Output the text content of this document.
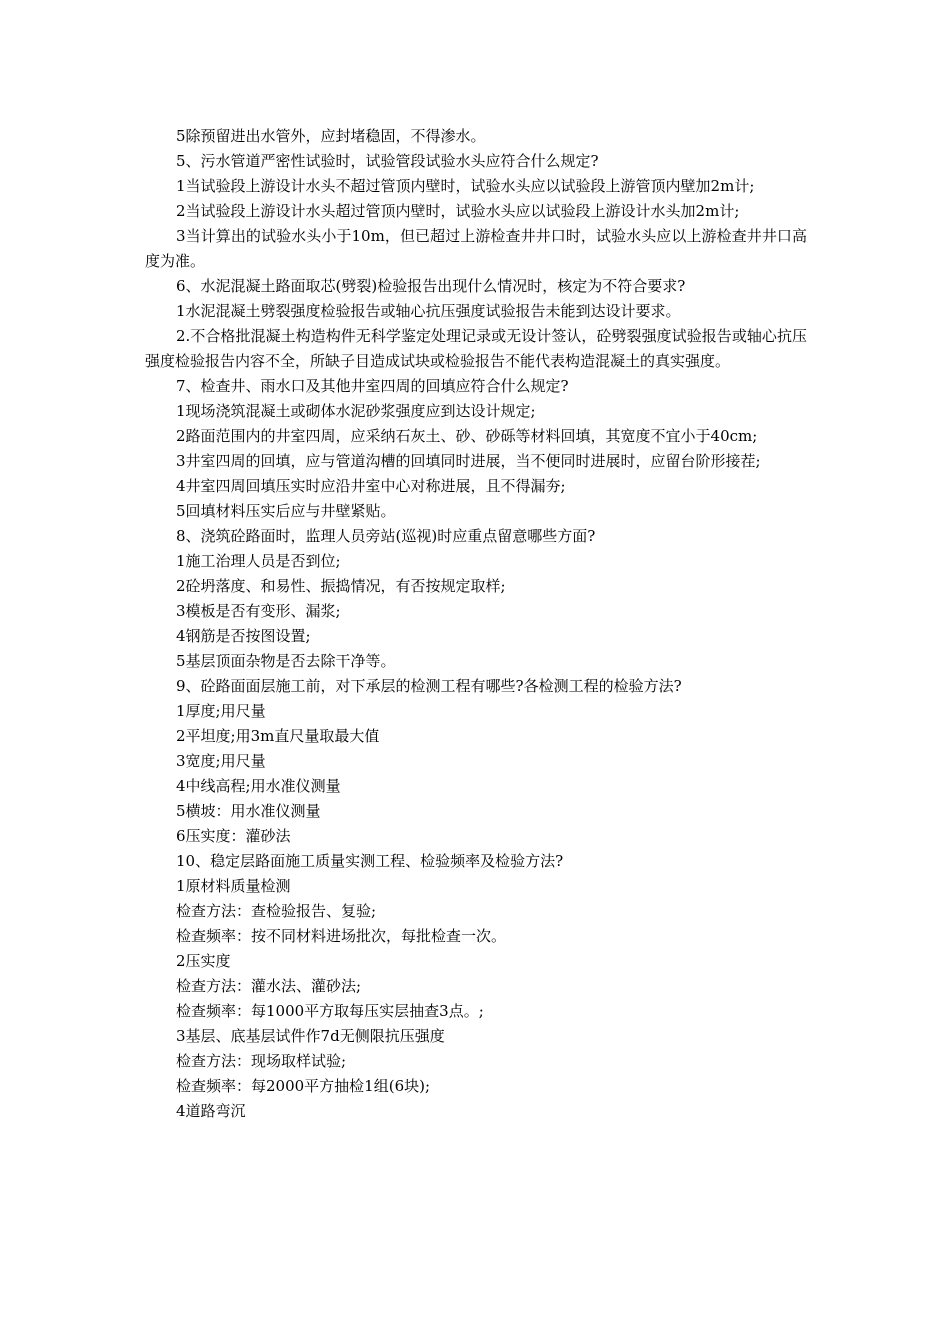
5除预留进出水管外，应封堵稳固，不得渗水。

5、污水管道严密性试验时，试验管段试验水头应符合什么规定?

1当试验段上游设计水头不超过管顶内壁时，试验水头应以试验段上游管顶内壁加2m计;

2当试验段上游设计水头超过管顶内壁时，试验水头应以试验段上游设计水头加2m计;

3当计算出的试验水头小于10m，但已超过上游检查井井口时，试验水头应以上游检查井井口高度为准。

6、水泥混凝土路面取芯(劈裂)检验报告出现什么情况时，核定为不符合要求?

1水泥混凝土劈裂强度检验报告或轴心抗压强度试验报告未能到达设计要求。

2.不合格批混凝土构造构件无科学鉴定处理记录或无设计签认，砼劈裂强度试验报告或轴心抗压强度检验报告内容不全，所缺子目造成试块或检验报告不能代表构造混凝土的真实强度。

7、检查井、雨水口及其他井室四周的回填应符合什么规定?

1现场浇筑混凝土或砌体水泥砂浆强度应到达设计规定;

2路面范围内的井室四周，应采纳石灰土、砂、砂砾等材料回填，其宽度不宜小于40cm;

3井室四周的回填，应与管道沟槽的回填同时进展，当不便同时进展时，应留台阶形接茬;

4井室四周回填压实时应沿井室中心对称进展，且不得漏夯;

5回填材料压实后应与井壁紧贴。

8、浇筑砼路面时，监理人员旁站(巡视)时应重点留意哪些方面?

1施工治理人员是否到位;

2砼坍落度、和易性、振捣情况，有否按规定取样;

3模板是否有变形、漏浆;

4钢筋是否按图设置;

5基层顶面杂物是否去除干净等。

9、砼路面面层施工前，对下承层的检测工程有哪些?各检测工程的检验方法?

1厚度;用尺量

2平坦度;用3m直尺量取最大值

3宽度;用尺量

4中线高程;用水准仪测量

5横坡：用水准仪测量

6压实度：灌砂法

10、稳定层路面施工质量实测工程、检验频率及检验方法?

1原材料质量检测

检查方法：查检验报告、复验;

检查频率：按不同材料进场批次，每批检查一次。

2压实度

检查方法：灌水法、灌砂法;

检查频率：每1000平方取每压实层抽查3点。;

3基层、底基层试件作7d无侧限抗压强度

检查方法：现场取样试验;

检查频率：每2000平方抽检1组(6块);

4道路弯沉
